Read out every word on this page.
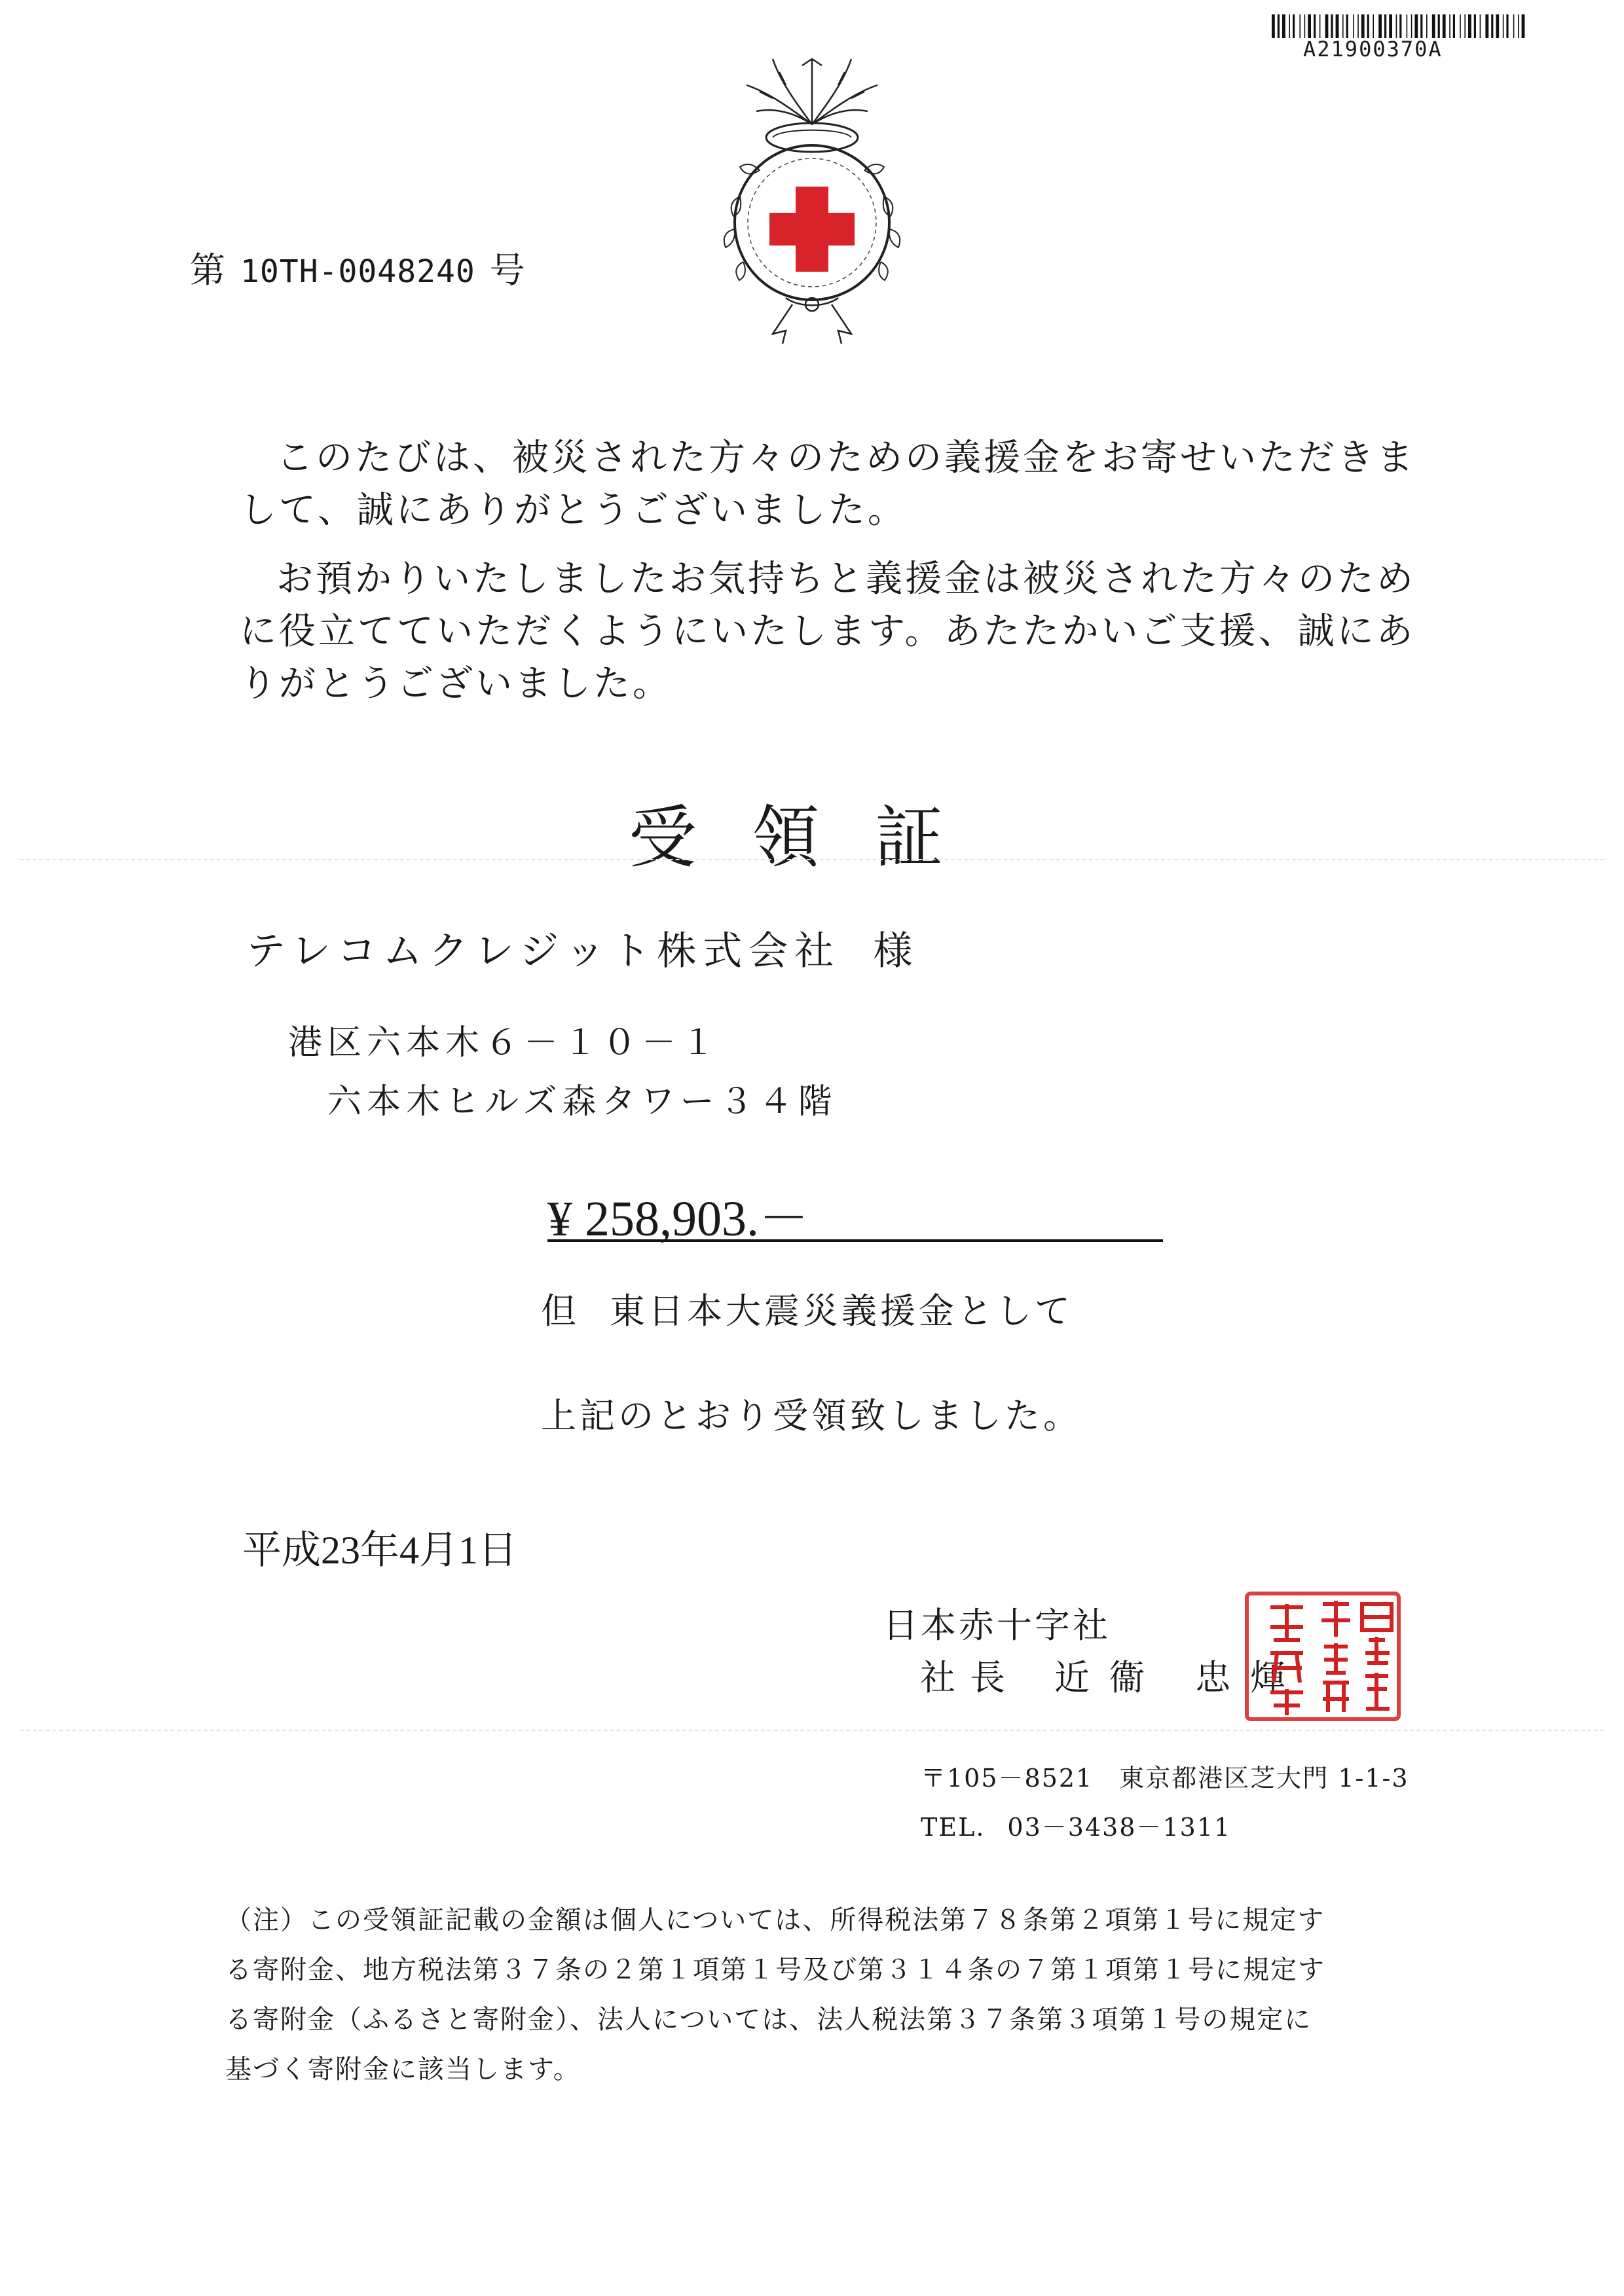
A21900370A
第 10TH-0048240 号
このたびは、被災された方々のための義援金をお寄せいただきま
して、誠にありがとうございました。
お預かりいたしましたお気持ちと義援金は被災された方々のため
に役立てていただくようにいたします。あたたかいご支援、誠にあ
りがとうございました。
受領証
テレコムクレジット株式会社 様
港区六本木６－１０－１
六本木ヒルズ森タワー３４階
¥ 258,903.－
但 東日本大震災義援金として
上記のとおり受領致しました。
平成23年4月1日
日本赤十字社
社長 近衞 忠煇
〒105－8521 東京都港区芝大門 1-1-3
TEL. 03－3438－1311
（注）この受領証記載の金額は個人については、所得税法第７８条第２項第１号に規定す
る寄附金、地方税法第３７条の２第１項第１号及び第３１４条の７第１項第１号に規定す
る寄附金（ふるさと寄附金）、法人については、法人税法第３７条第３項第１号の規定に
基づく寄附金に該当します。
